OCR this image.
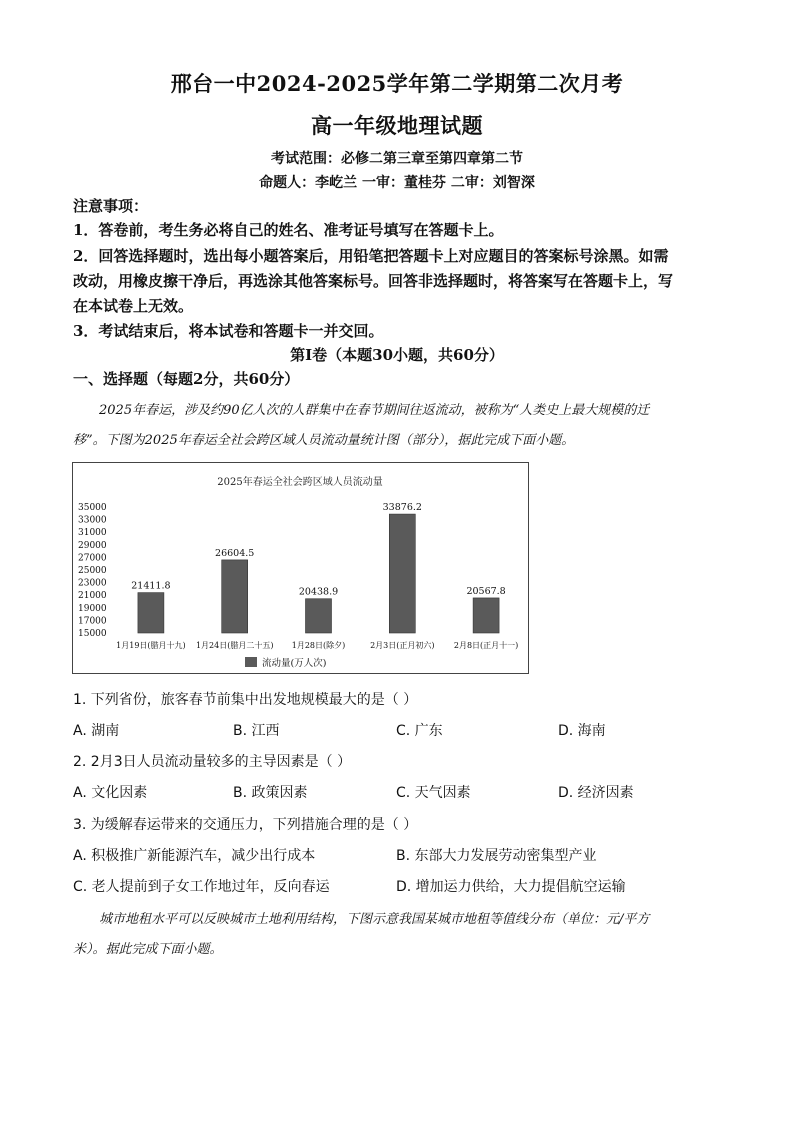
邢台一中2024-2025学年第二学期第二次月考
高一年级地理试题
考试范围：必修二第三章至第四章第二节
命题人：李屹兰 一审：董桂芬 二审：刘智深
注意事项：
1．答卷前，考生务必将自己的姓名、准考证号填写在答题卡上。
2．回答选择题时，选出每小题答案后，用铅笔把答题卡上对应题目的答案标号涂黑。如需
改动，用橡皮擦干净后，再选涂其他答案标号。回答非选择题时，将答案写在答题卡上，写
在本试卷上无效。
3．考试结束后，将本试卷和答题卡一并交回。
第Ⅰ卷（本题30小题，共60分）
一、选择题（每题2分，共60分）
2025年春运，涉及约90亿人次的人群集中在春节期间往返流动，被称为“人类史上最大规模的迁
移”。下图为2025年春运全社会跨区域人员流动量统计图（部分），据此完成下面小题。
2025年春运全社会跨区域人员流动量
35000
33000
31000
29000
27000
25000
23000
21000
19000
17000
15000
21411.8
26604.5
20438.9
33876.2
20567.8
1月19日(腊月十九) 1月24日(腊月二十五) 1月28日(除夕)	2月3日(正月初六) 2月8日(正月十一)
流动量(万人次)
1. 下列省份，旅客春节前集中出发地规模最大的是（ ）
A. 湖南	B. 江西	C. 广东	D. 海南
2. 2月3日人员流动量较多的主导因素是（ ）
A. 文化因素	B. 政策因素	C. 天气因素	D. 经济因素
3. 为缓解春运带来的交通压力，下列措施合理的是（ ）
A. 积极推广新能源汽车，减少出行成本	B. 东部大力发展劳动密集型产业
C. 老人提前到子女工作地过年，反向春运	D. 增加运力供给，大力提倡航空运输
城市地租水平可以反映城市土地利用结构，下图示意我国某城市地租等值线分布（单位：元/平方
米）。据此完成下面小题。
